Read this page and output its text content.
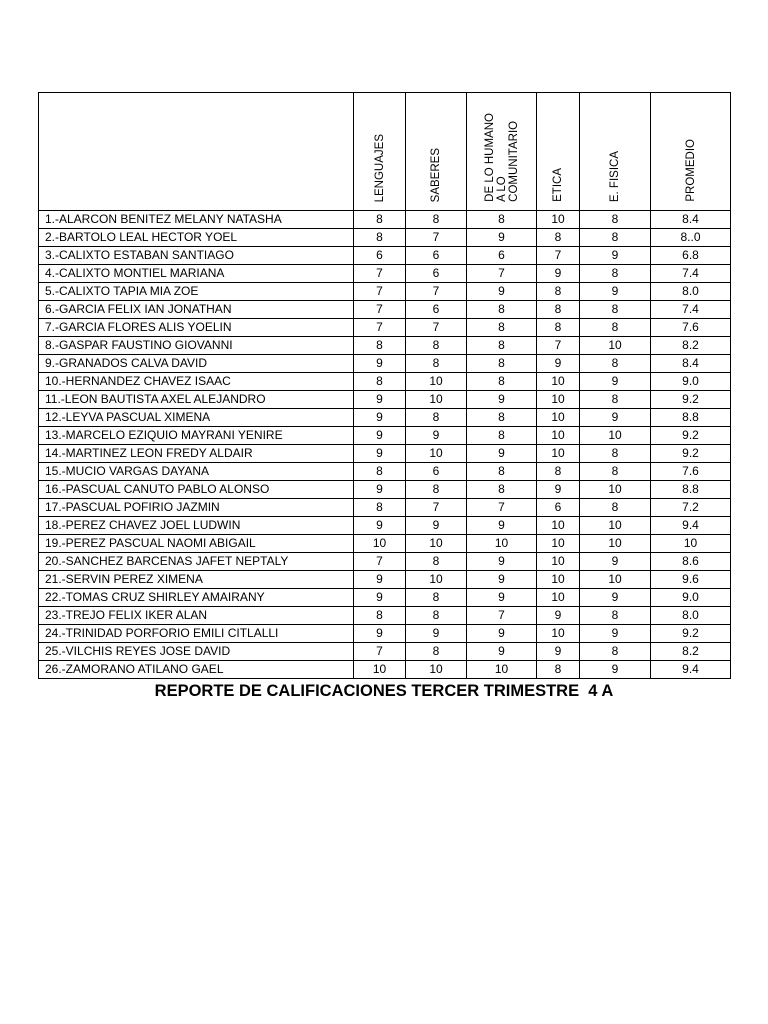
	LENGUAJES	SABERES	DE LO HUMANO
A LO
COMUNITARIO	ETICA	E. FISICA	PROMEDIO

1.-ALARCON BENITEZ MELANY NATASHA	8	8	8	10	8	8.4
2.-BARTOLO LEAL HECTOR YOEL	8	7	9	8	8	8..0
3.-CALIXTO ESTABAN SANTIAGO	6	6	6	7	9	6.8
4.-CALIXTO MONTIEL MARIANA	7	6	7	9	8	7.4
5.-CALIXTO TAPIA MIA ZOE	7	7	9	8	9	8.0
6.-GARCIA FELIX IAN JONATHAN	7	6	8	8	8	7.4
7.-GARCIA FLORES ALIS YOELIN	7	7	8	8	8	7.6
8.-GASPAR FAUSTINO GIOVANNI	8	8	8	7	10	8.2
9.-GRANADOS CALVA DAVID	9	8	8	9	8	8.4
10.-HERNANDEZ CHAVEZ ISAAC	8	10	8	10	9	9.0
11.-LEON BAUTISTA AXEL ALEJANDRO	9	10	9	10	8	9.2
12.-LEYVA PASCUAL XIMENA	9	8	8	10	9	8.8
13.-MARCELO EZIQUIO MAYRANI YENIRE	9	9	8	10	10	9.2
14.-MARTINEZ LEON FREDY ALDAIR	9	10	9	10	8	9.2
15.-MUCIO VARGAS DAYANA	8	6	8	8	8	7.6
16.-PASCUAL CANUTO PABLO ALONSO	9	8	8	9	10	8.8
17.-PASCUAL POFIRIO JAZMIN	8	7	7	6	8	7.2
18.-PEREZ CHAVEZ JOEL LUDWIN	9	9	9	10	10	9.4
19.-PEREZ PASCUAL NAOMI ABIGAIL	10	10	10	10	10	10
20.-SANCHEZ BARCENAS JAFET NEPTALY	7	8	9	10	9	8.6
21.-SERVIN PEREZ XIMENA	9	10	9	10	10	9.6
22.-TOMAS CRUZ SHIRLEY AMAIRANY	9	8	9	10	9	9.0
23.-TREJO FELIX IKER ALAN	8	8	7	9	8	8.0
24.-TRINIDAD PORFORIO EMILI CITLALLI	9	9	9	10	9	9.2
25.-VILCHIS REYES JOSE DAVID	7	8	9	9	8	8.2
26.-ZAMORANO ATILANO GAEL	10	10	10	8	9	9.4
REPORTE DE CALIFICACIONES TERCER TRIMESTRE  4 A
